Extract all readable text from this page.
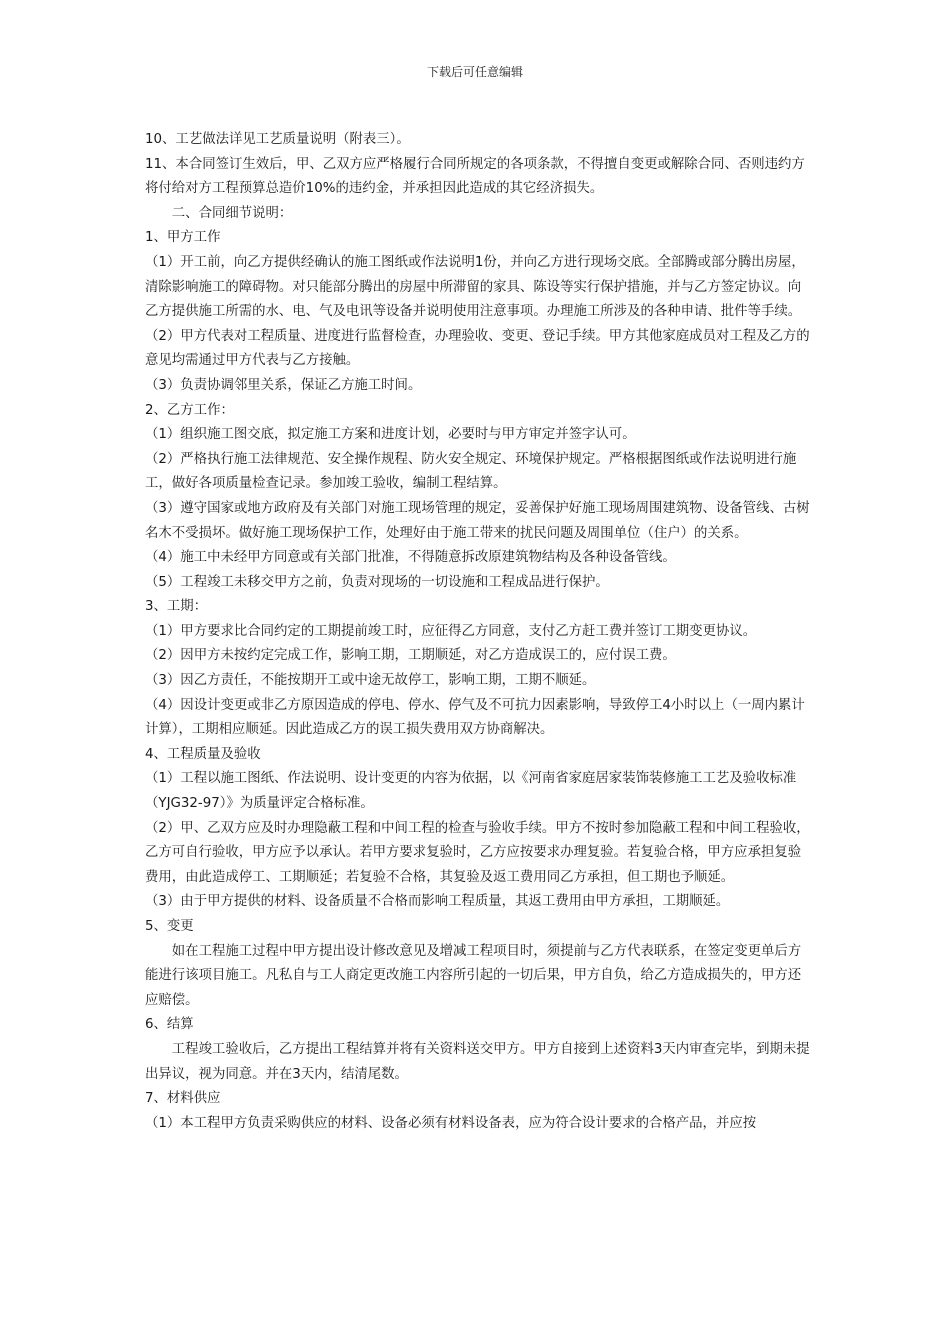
下载后可任意编辑

10、工艺做法详见工艺质量说明（附表三）。

11、本合同签订生效后，甲、乙双方应严格履行合同所规定的各项条款，不得擅自变更或解除合同、否则违约方将付给对方工程预算总造价10%的违约金，并承担因此造成的其它经济损失。

二、合同细节说明：

1、甲方工作

（1）开工前，向乙方提供经确认的施工图纸或作法说明1份，并向乙方进行现场交底。全部腾或部分腾出房屋，清除影响施工的障碍物。对只能部分腾出的房屋中所滞留的家具、陈设等实行保护措施，并与乙方签定协议。向乙方提供施工所需的水、电、气及电讯等设备并说明使用注意事项。办理施工所涉及的各种申请、批件等手续。

（2）甲方代表对工程质量、进度进行监督检查，办理验收、变更、登记手续。甲方其他家庭成员对工程及乙方的意见均需通过甲方代表与乙方接触。

（3）负责协调邻里关系，保证乙方施工时间。

2、乙方工作：

（1）组织施工图交底，拟定施工方案和进度计划，必要时与甲方审定并签字认可。

（2）严格执行施工法律规范、安全操作规程、防火安全规定、环境保护规定。严格根据图纸或作法说明进行施工，做好各项质量检查记录。参加竣工验收，编制工程结算。

（3）遵守国家或地方政府及有关部门对施工现场管理的规定，妥善保护好施工现场周围建筑物、设备管线、古树名木不受损坏。做好施工现场保护工作，处理好由于施工带来的扰民问题及周围单位（住户）的关系。

（4）施工中未经甲方同意或有关部门批准，不得随意拆改原建筑物结构及各种设备管线。

（5）工程竣工未移交甲方之前，负责对现场的一切设施和工程成品进行保护。

3、工期：

（1）甲方要求比合同约定的工期提前竣工时，应征得乙方同意，支付乙方赶工费并签订工期变更协议。

（2）因甲方未按约定完成工作，影响工期，工期顺延，对乙方造成误工的，应付误工费。

（3）因乙方责任，不能按期开工或中途无故停工，影响工期，工期不顺延。

（4）因设计变更或非乙方原因造成的停电、停水、停气及不可抗力因素影响，导致停工4小时以上（一周内累计计算），工期相应顺延。因此造成乙方的误工损失费用双方协商解决。

4、工程质量及验收

（1）工程以施工图纸、作法说明、设计变更的内容为依据，以《河南省家庭居家装饰装修施工工艺及验收标准（YJG32-97）》为质量评定合格标准。

（2）甲、乙双方应及时办理隐蔽工程和中间工程的检查与验收手续。甲方不按时参加隐蔽工程和中间工程验收，乙方可自行验收，甲方应予以承认。若甲方要求复验时，乙方应按要求办理复验。若复验合格，甲方应承担复验费用，由此造成停工、工期顺延；若复验不合格，其复验及返工费用同乙方承担，但工期也予顺延。

（3）由于甲方提供的材料、设备质量不合格而影响工程质量，其返工费用由甲方承担，工期顺延。

5、变更

如在工程施工过程中甲方提出设计修改意见及增减工程项目时，须提前与乙方代表联系，在签定变更单后方能进行该项目施工。凡私自与工人商定更改施工内容所引起的一切后果，甲方自负，给乙方造成损失的，甲方还应赔偿。

6、结算

工程竣工验收后，乙方提出工程结算并将有关资料送交甲方。甲方自接到上述资料3天内审查完毕，到期未提出异议，视为同意。并在3天内，结清尾数。

7、材料供应

（1）本工程甲方负责采购供应的材料、设备必须有材料设备表，应为符合设计要求的合格产品，并应按
